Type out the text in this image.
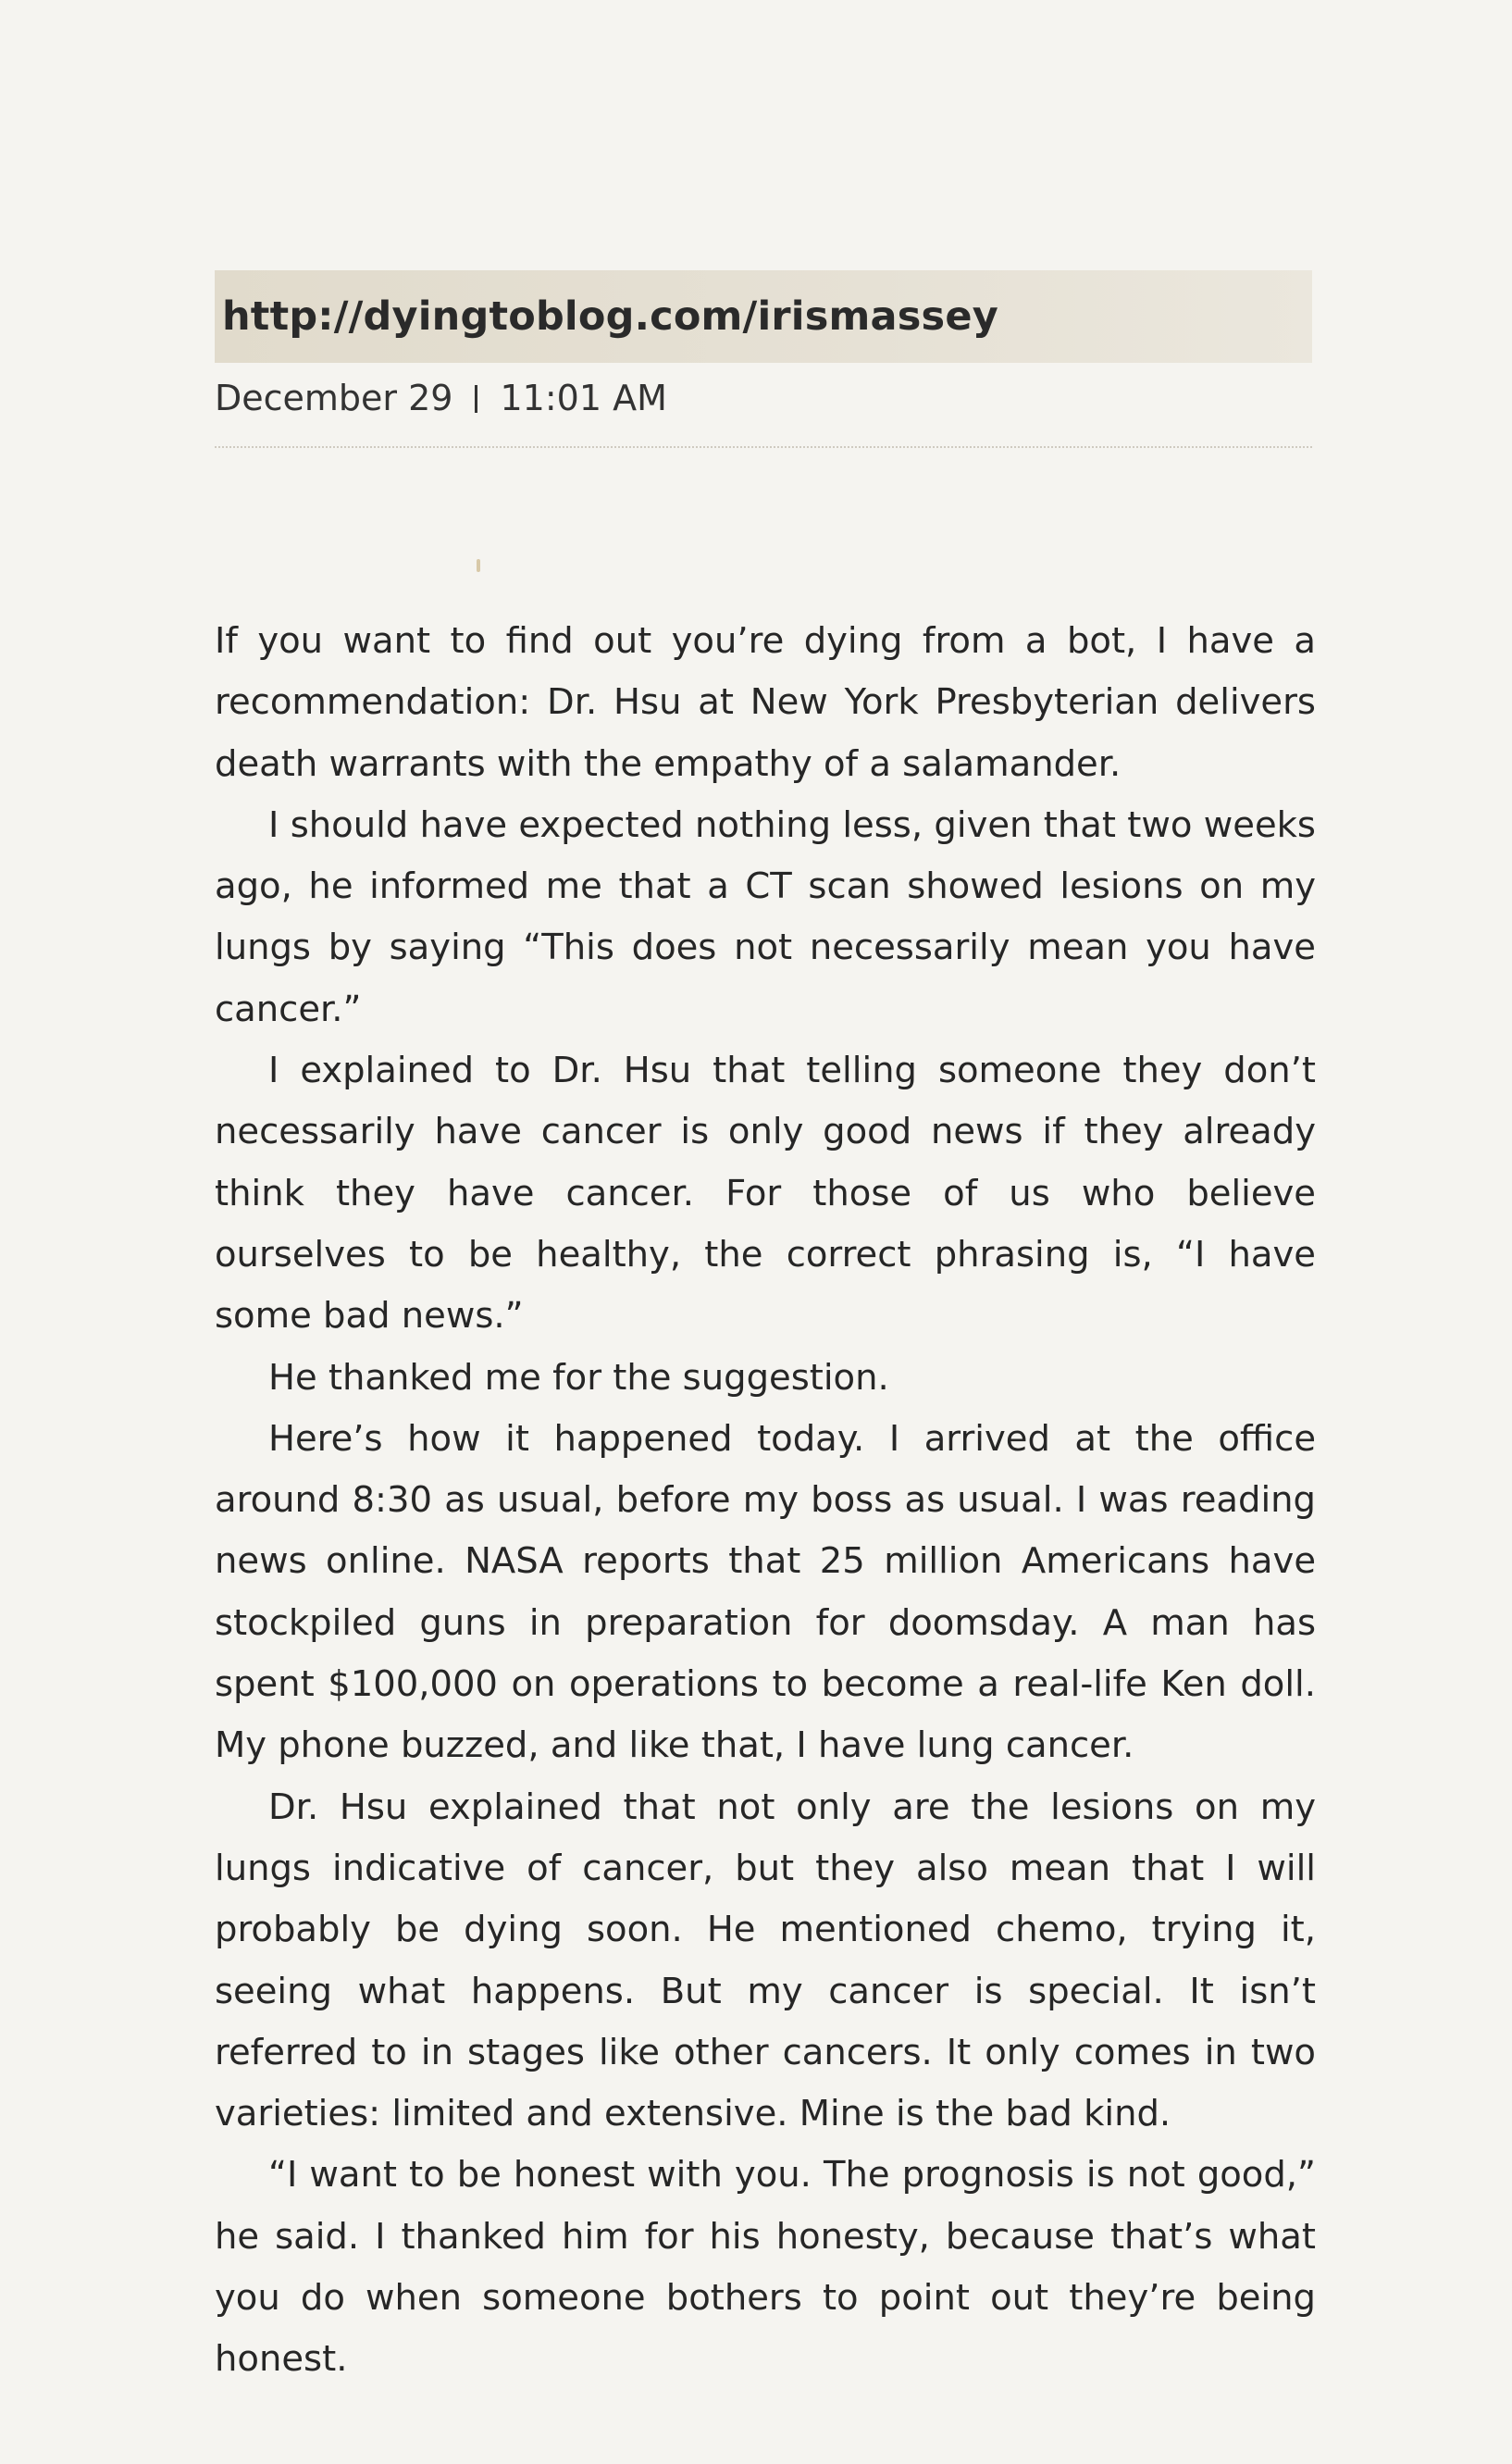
http://dyingtoblog.com/irismassey
December 29 11:01 AM

If you want to find out you’re dying from a bot, I have a recommendation: Dr. Hsu at New York Presbyterian delivers death warrants with the empathy of a salamander.

I should have expected nothing less, given that two weeks ago, he informed me that a CT scan showed lesions on my lungs by saying “This does not necessarily mean you have cancer.”

I explained to Dr. Hsu that telling someone they don’t necessarily have cancer is only good news if they already think they have cancer. For those of us who believe ourselves to be healthy, the correct phrasing is, “I have some bad news.”

He thanked me for the suggestion.

Here’s how it happened today. I arrived at the office around 8:30 as usual, before my boss as usual. I was reading news online. NASA reports that 25 million Americans have stockpiled guns in preparation for doomsday. A man has spent $100,000 on operations to become a real-life Ken doll. My phone buzzed, and like that, I have lung cancer.

Dr. Hsu explained that not only are the lesions on my lungs indicative of cancer, but they also mean that I will probably be dying soon. He mentioned chemo, trying it, seeing what happens. But my cancer is special. It isn’t referred to in stages like other cancers. It only comes in two varieties: limited and extensive. Mine is the bad kind.

“I want to be honest with you. The prognosis is not good,” he said. I thanked him for his honesty, because that’s what you do when someone bothers to point out they’re being honest.
